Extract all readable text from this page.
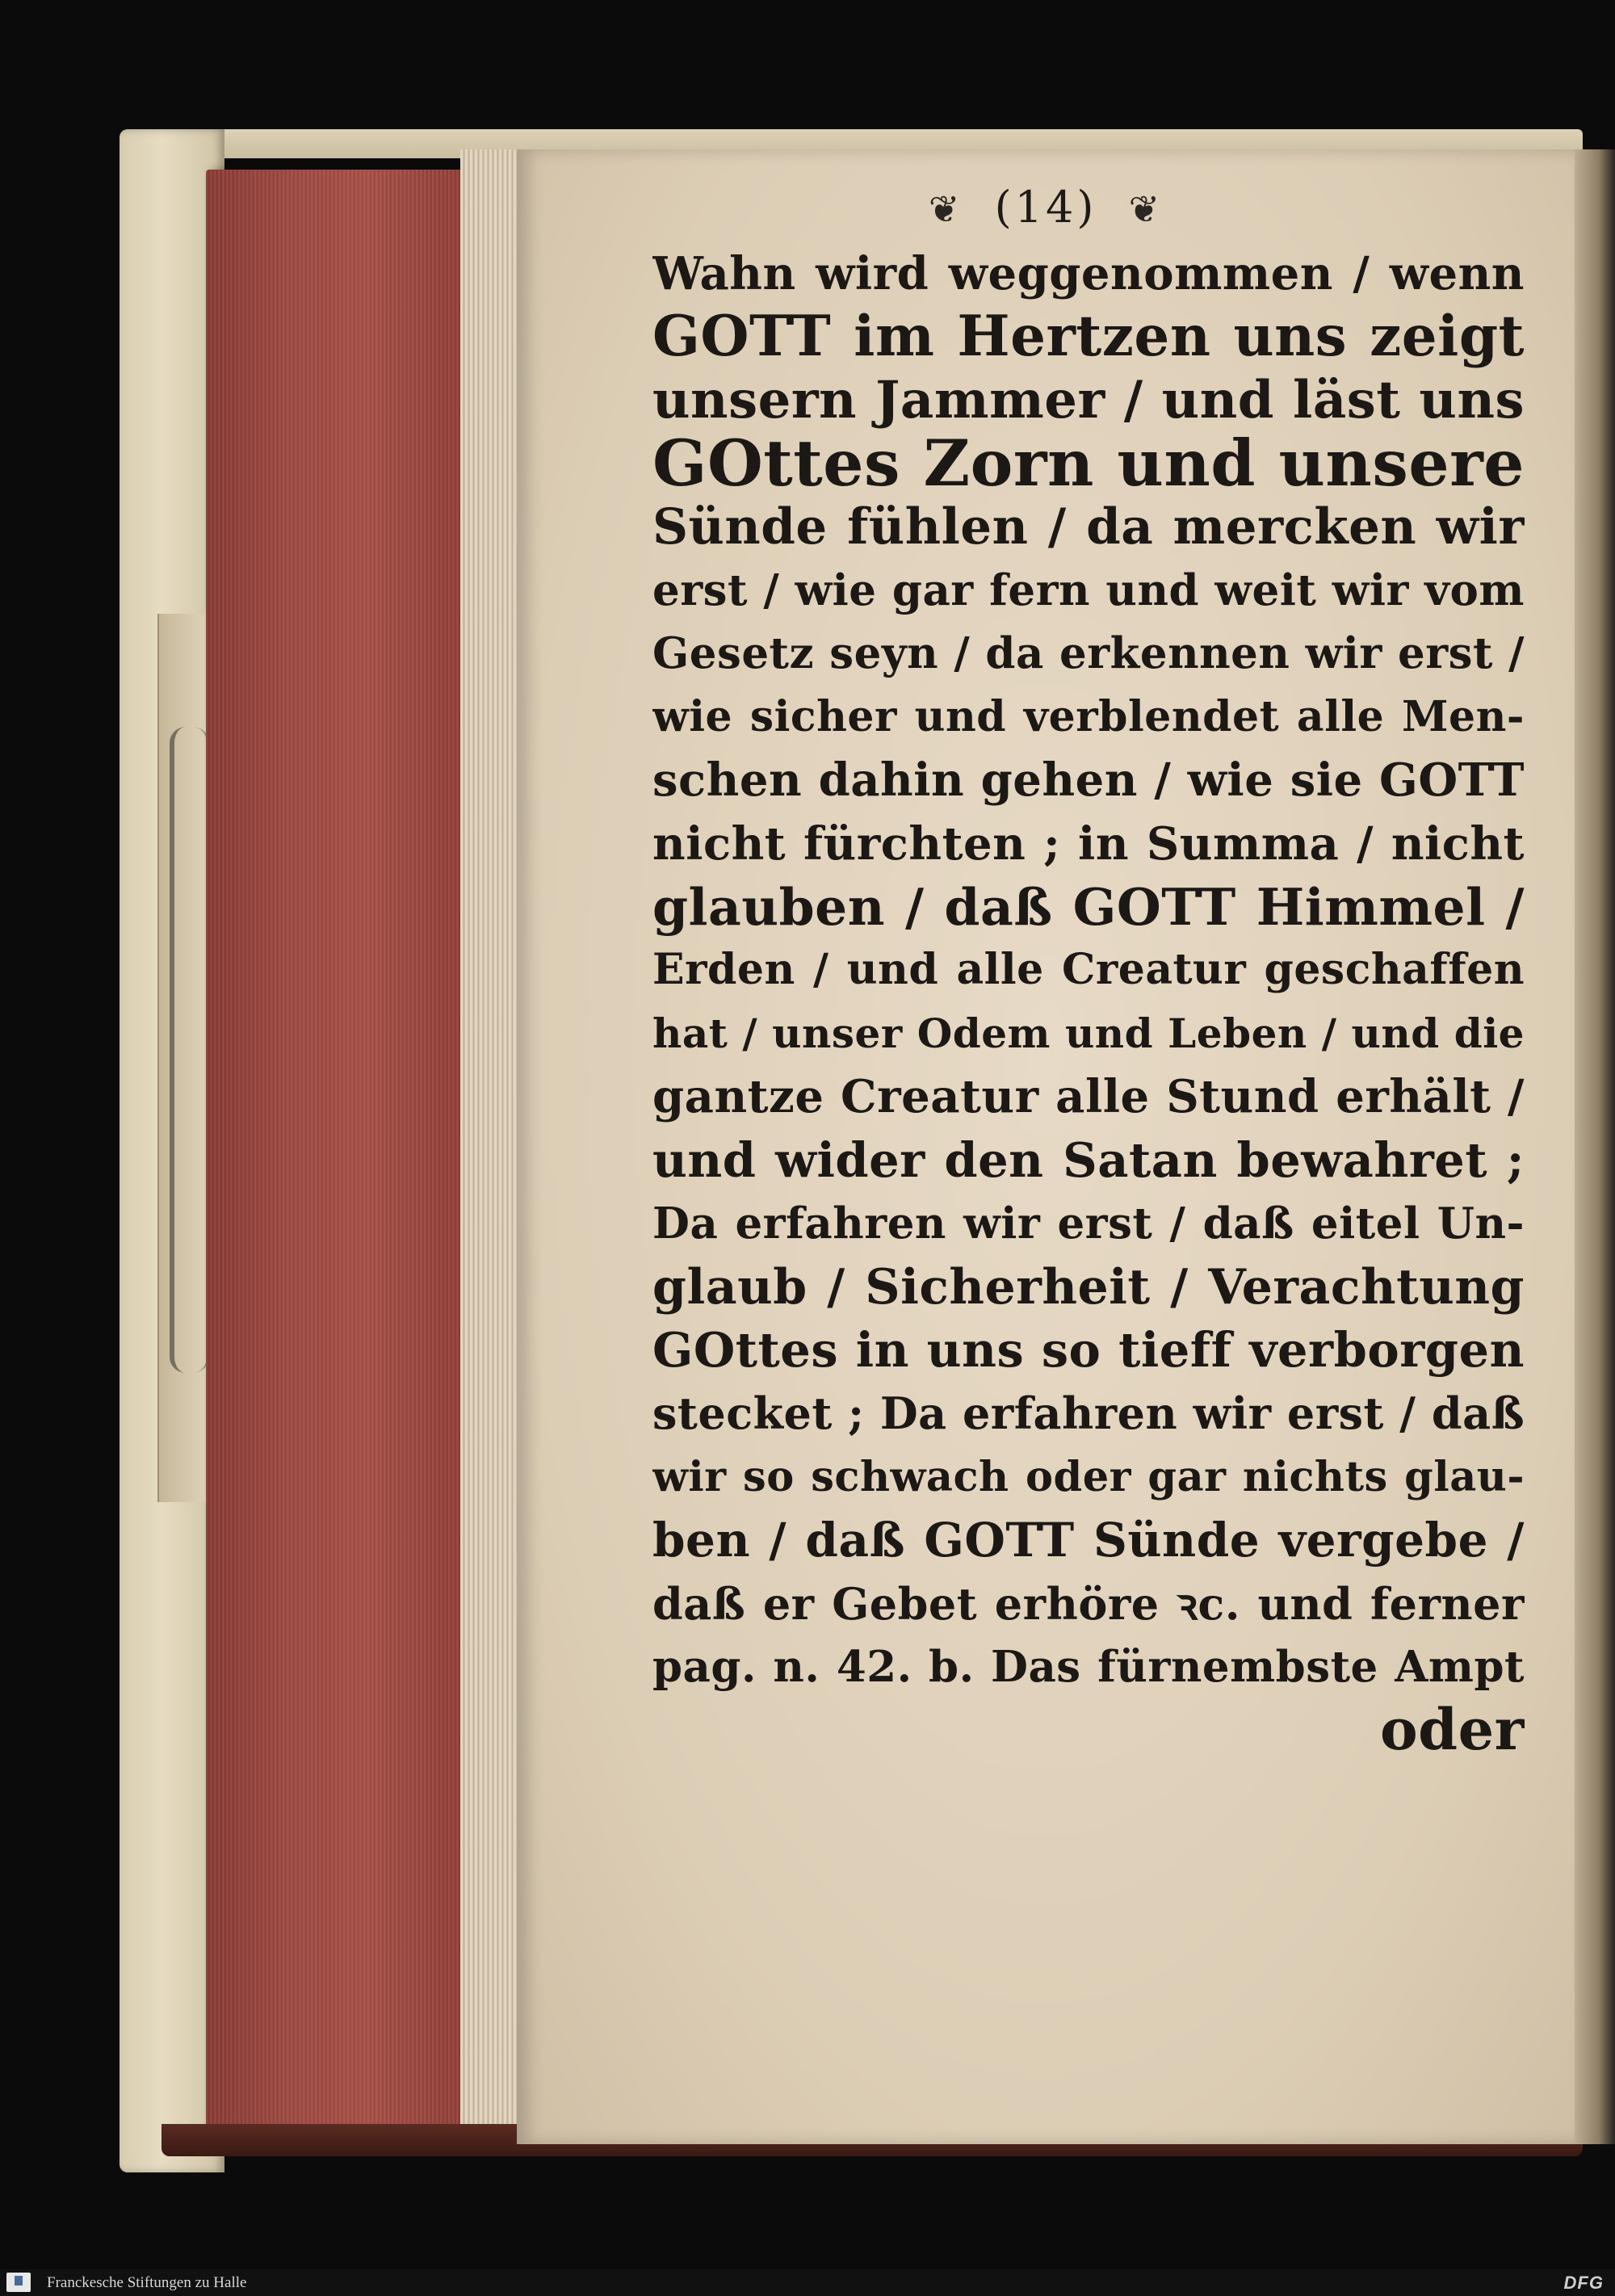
❦ (14) ❦
Wahn wird weggenommen / wenn
GOTT im Hertzen uns zeigt
unsern Jammer / und läst uns
GOttes Zorn und unsere
Sünde fühlen / da mercken wir
erst / wie gar fern und weit wir vom
Gesetz seyn / da erkennen wir erst /
wie sicher und verblendet alle Men-
schen dahin gehen / wie sie GOTT
nicht fürchten ; in Summa / nicht
glauben / daß GOTT Himmel /
Erden / und alle Creatur geschaffen
hat / unser Odem und Leben / und die
gantze Creatur alle Stund erhält /
und wider den Satan bewahret ;
Da erfahren wir erst / daß eitel Un-
glaub / Sicherheit / Verachtung
GOttes in uns so tieff verborgen
stecket ; Da erfahren wir erst / daß
wir so schwach oder gar nichts glau-
ben / daß GOTT Sünde vergebe /
daß er Gebet erhöre ꝛc. und ferner
pag. n. 42. b. Das fürnembste Ampt
oder
Franckesche Stiftungen zu Halle	DFG
